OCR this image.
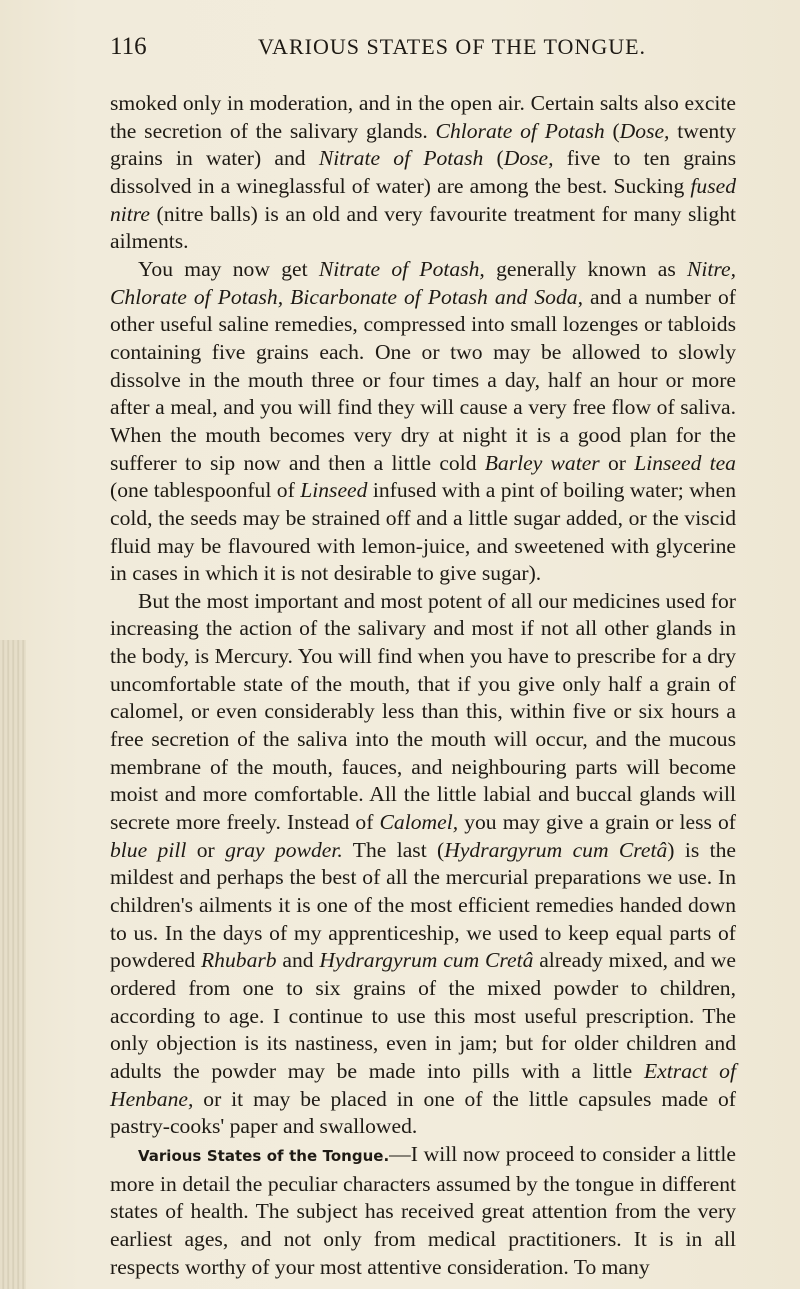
116	VARIOUS STATES OF THE TONGUE.

smoked only in moderation, and in the open air. Certain salts also excite the secretion of the salivary glands. Chlorate of Potash (Dose, twenty grains in water) and Nitrate of Potash (Dose, five to ten grains dissolved in a wineglassful of water) are among the best. Sucking fused nitre (nitre balls) is an old and very favourite treatment for many slight ailments.

You may now get Nitrate of Potash, generally known as Nitre, Chlorate of Potash, Bicarbonate of Potash and Soda, and a number of other useful saline remedies, compressed into small lozenges or tabloids containing five grains each. One or two may be allowed to slowly dissolve in the mouth three or four times a day, half an hour or more after a meal, and you will find they will cause a very free flow of saliva. When the mouth becomes very dry at night it is a good plan for the sufferer to sip now and then a little cold Barley water or Linseed tea (one tablespoonful of Linseed infused with a pint of boiling water; when cold, the seeds may be strained off and a little sugar added, or the viscid fluid may be flavoured with lemon-juice, and sweetened with glycerine in cases in which it is not desirable to give sugar).

But the most important and most potent of all our medicines used for increasing the action of the salivary and most if not all other glands in the body, is Mercury. You will find when you have to prescribe for a dry uncomfortable state of the mouth, that if you give only half a grain of calomel, or even considerably less than this, within five or six hours a free secretion of the saliva into the mouth will occur, and the mucous membrane of the mouth, fauces, and neighbouring parts will become moist and more comfortable. All the little labial and buccal glands will secrete more freely. Instead of Calomel, you may give a grain or less of blue pill or gray powder. The last (Hydrargyrum cum Cretâ) is the mildest and perhaps the best of all the mercurial preparations we use. In children's ailments it is one of the most efficient remedies handed down to us. In the days of my apprenticeship, we used to keep equal parts of powdered Rhubarb and Hydrargyrum cum Cretâ already mixed, and we ordered from one to six grains of the mixed powder to children, according to age. I continue to use this most useful prescription. The only objection is its nastiness, even in jam; but for older children and adults the powder may be made into pills with a little Extract of Henbane, or it may be placed in one of the little capsules made of pastry-cooks' paper and swallowed.

Various States of the Tongue.—I will now proceed to consider a little more in detail the peculiar characters assumed by the tongue in different states of health. The subject has received great attention from the very earliest ages, and not only from medical practitioners. It is in all respects worthy of your most attentive consideration. To many
